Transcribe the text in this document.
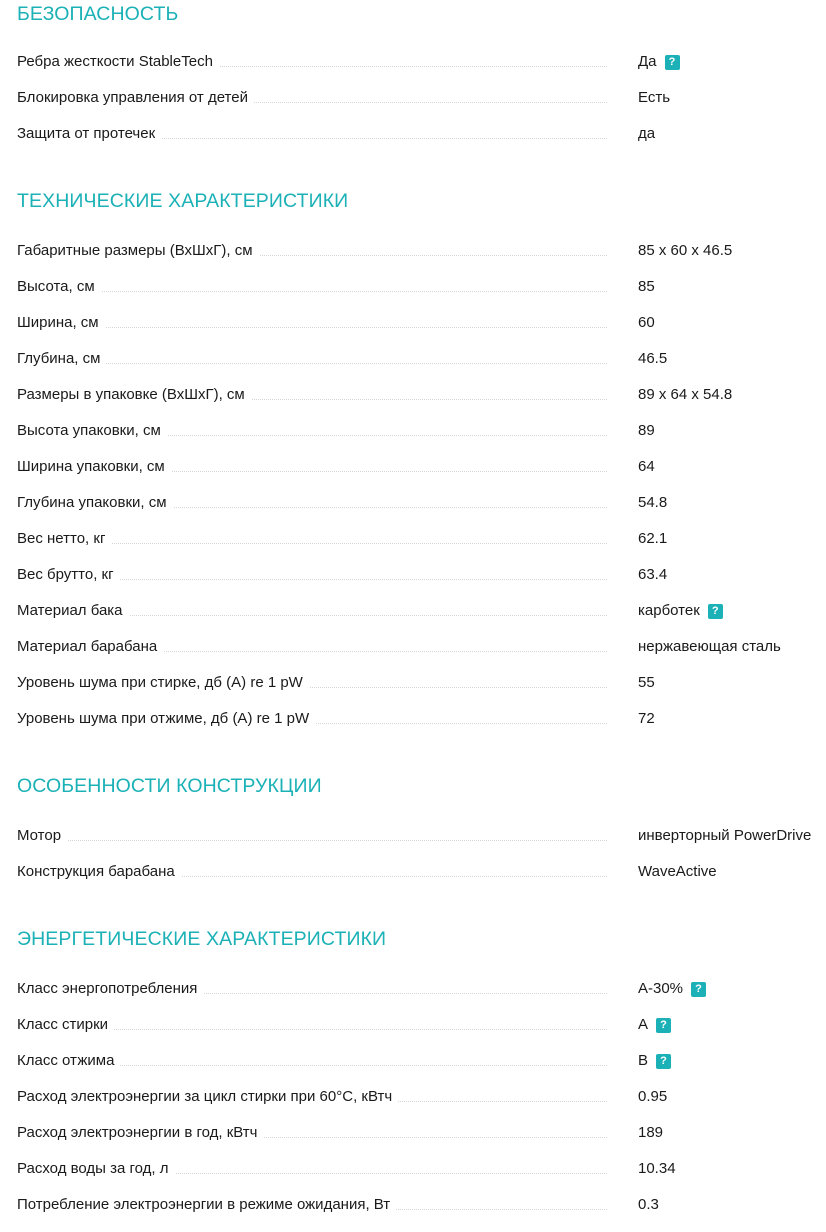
БЕЗОПАСНОСТЬ
Ребра жесткости StableTech	Да	?
Блокировка управления от детей	Есть
Защита от протечек	да
ТЕХНИЧЕСКИЕ ХАРАКТЕРИСТИКИ
Габаритные размеры (ВхШхГ), см	85 x 60 x 46.5
Высота, см	85
Ширина, см	60
Глубина, см	46.5
Размеры в упаковке (ВхШхГ), см	89 x 64 x 54.8
Высота упаковки, см	89
Ширина упаковки, см	64
Глубина упаковки, см	54.8
Вес нетто, кг	62.1
Вес брутто, кг	63.4
Материал бака	карботек	?
Материал барабана	нержавеющая сталь
Уровень шума при стирке, дб (А) re 1 pW	55
Уровень шума при отжиме, дб (А) re 1 pW	72
ОСОБЕННОСТИ КОНСТРУКЦИИ
Мотор	инверторный PowerDrive
Конструкция барабана	WaveActive
ЭНЕРГЕТИЧЕСКИЕ ХАРАКТЕРИСТИКИ
Класс энергопотребления	А-30%	?
Класс стирки	A	?
Класс отжима	B	?
Расход электроэнергии за цикл стирки при 60°С, кВтч	0.95
Расход электроэнергии в год, кВтч	189
Расход воды за год, л	10.34
Потребление электроэнергии в режиме ожидания, Вт	0.3
